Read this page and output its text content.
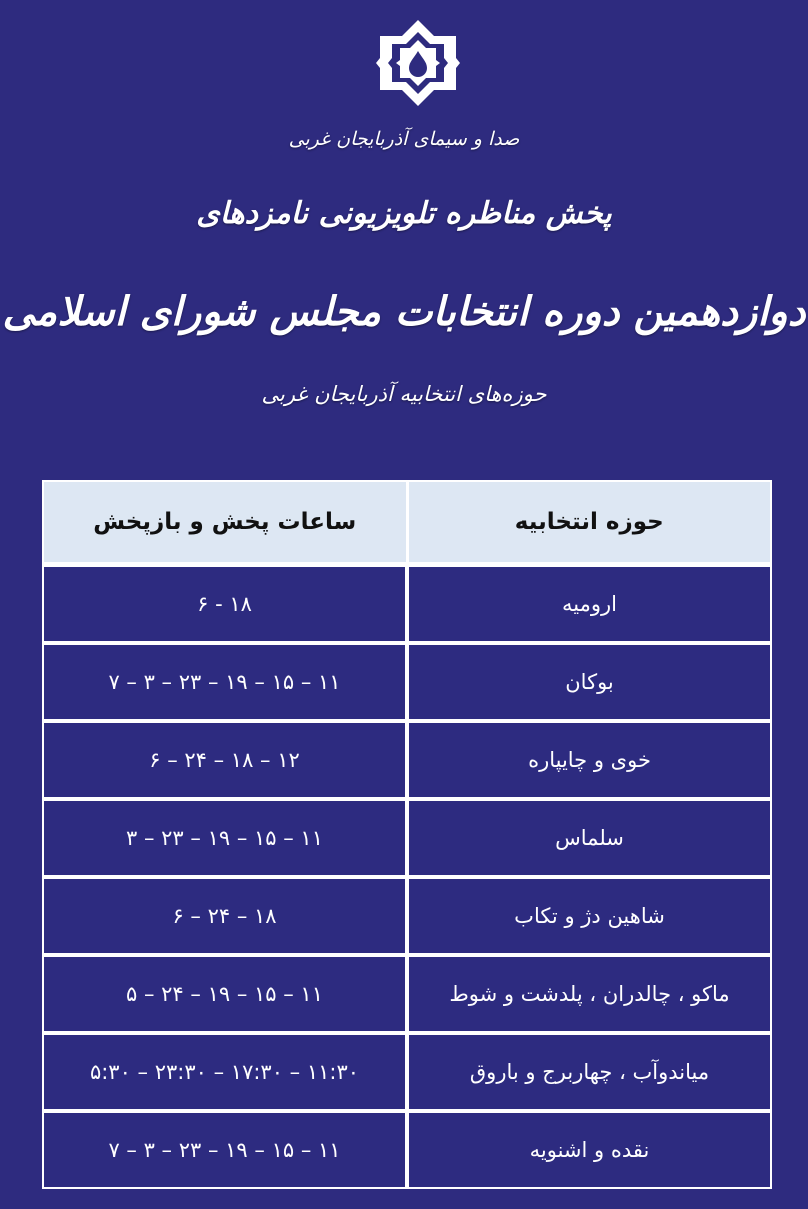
صدا و سیمای آذربایجان غربی
پخش مناظره تلویزیونی نامزدهای
دوازدهمین دوره انتخابات مجلس شورای اسلامی
حوزه‌های انتخابیه آذربایجان غربی
حوزه انتخابیه
ساعات پخش و بازپخش
ارومیه
۱۸ - ۶
بوکان
۱۱ – ۱۵ – ۱۹ – ۲۳ – ۳ – ۷
خوی و چایپاره
۱۲ – ۱۸ – ۲۴ – ۶
سلماس
۱۱ – ۱۵ – ۱۹ – ۲۳ – ۳
شاهین دژ و تکاب
۱۸ – ۲۴ – ۶
ماکو ، چالدران ، پلدشت و شوط
۱۱ – ۱۵ – ۱۹ – ۲۴ – ۵
میاندوآب ، چهاربرج و باروق
۱۱:۳۰ – ۱۷:۳۰ – ۲۳:۳۰ – ۵:۳۰
نقده و اشنویه
۱۱ – ۱۵ – ۱۹ – ۲۳ – ۳ – ۷
